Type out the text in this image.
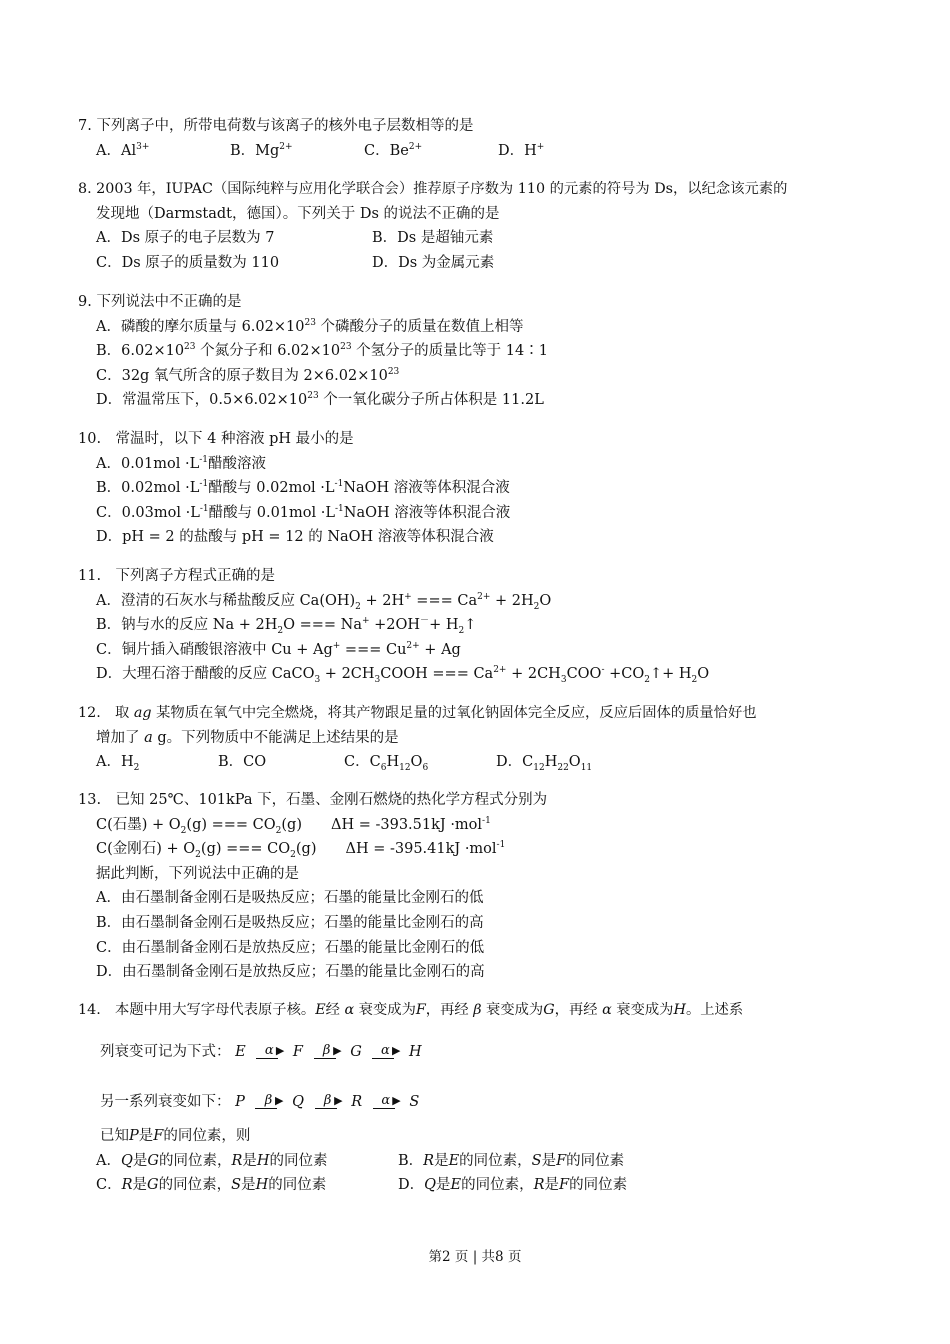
7. 下列离子中，所带电荷数与该离子的核外电子层数相等的是
A．$Al^{3+}$	B．$Mg^{2+}$	C．$Be^{2+}$	D．H+
8. 2003 年，IUPAC（国际纯粹与应用化学联合会）推荐原子序数为 110 的元素的符号为 Ds，以纪念该元素的
发现地（Darmstadt，德国）。下列关于 Ds 的说法不正确的是
A．Ds 原子的电子层数为 7	B．Ds 是超铀元素
C．Ds 原子的质量数为 110	D．Ds 为金属元素
9. 下列说法中不正确的是
A．磷酸的摩尔质量与 $6.02\times 10^{23}$ 个磷酸分子的质量在数值上相等
B．$6.02\times 10^{23}$ 个氮分子和 $6.02\times 10^{23}$ 个氢分子的质量比等于 14∶1
C．32g 氧气所含的原子数目为 $2\times 6.02\times 10^{23}$
D．常温常压下，$0.5\times 6.02\times 10^{23}$ 个一氧化碳分子所占体积是 11.2L
10.　常温时，以下 4 种溶液 pH 最小的是
A．$0.01mol \cdot L^{-1}$醋酸溶液
B．$0.02mol \cdot L^{-1}$醋酸与 $0.02mol \cdot L^{-1}NaOH$ 溶液等体积混合液
C．$0.03mol \cdot L^{-1}$醋酸与 $0.01mol \cdot L^{-1}NaOH$ 溶液等体积混合液
D．pH = 2 的盐酸与 pH = 12 的 NaOH 溶液等体积混合液
11.　下列离子方程式正确的是
A．澄清的石灰水与稀盐酸反应 $Ca(OH)_2 + 2H^+$ === $Ca^{2+} + 2H_2O$
B．钠与水的反应 $Na + 2H_2O$ === $Na^+ +2OH^-+ H_2↑$
C．铜片插入硝酸银溶液中 Cu + Ag+ === $Cu^{2+} + Ag$
D．大理石溶于醋酸的反应 CaCO$_3$ + $2CH_3COOH$ === $Ca^{2+} + 2CH_3COO^-$ $+CO_2↑+ H_2O$
12.　取 ag 某物质在氧气中完全燃烧，将其产物跟足量的过氧化钠固体完全反应，反应后固体的质量恰好也
增加了 a g。下列物质中不能满足上述结果的是
A．$H_2$	B．CO	C．$C_6H_{12}O_6$	D．$C_{12}H_{22}O_{11}$
13.　已知 25℃、101kPa 下，石墨、金刚石燃烧的热化学方程式分别为
C(石墨) + $O_2(g)$ === $CO_2(g)$　　ΔH = -393.51kJ ·mol$^{-1}$
C(金刚石) + $O_2(g)$ === $CO_2(g)$　　ΔH = -395.41kJ ·mol$^{-1}$
据此判断，下列说法中正确的是
A．由石墨制备金刚石是吸热反应；石墨的能量比金刚石的低
B．由石墨制备金刚石是吸热反应；石墨的能量比金刚石的高
C．由石墨制备金刚石是放热反应；石墨的能量比金刚石的低
D．由石墨制备金刚石是放热反应；石墨的能量比金刚石的高
14.　本题中用大写字母代表原子核。E经 α 衰变成为F，再经 β 衰变成为G，再经 α 衰变成为H。上述系
列衰变可记为下式： E	α ▶ F	β ▶ G	α ▶ H
另一系列衰变如下： P	β ▶ Q	β ▶ R	α ▶ S
已知P是F的同位素，则
A．Q是G的同位素，R是H的同位素	B．R是E的同位素，S是F的同位素
C．R是G的同位素，S是H的同位素	D．Q是E的同位素，R是F的同位素
第2 页 | 共8 页
